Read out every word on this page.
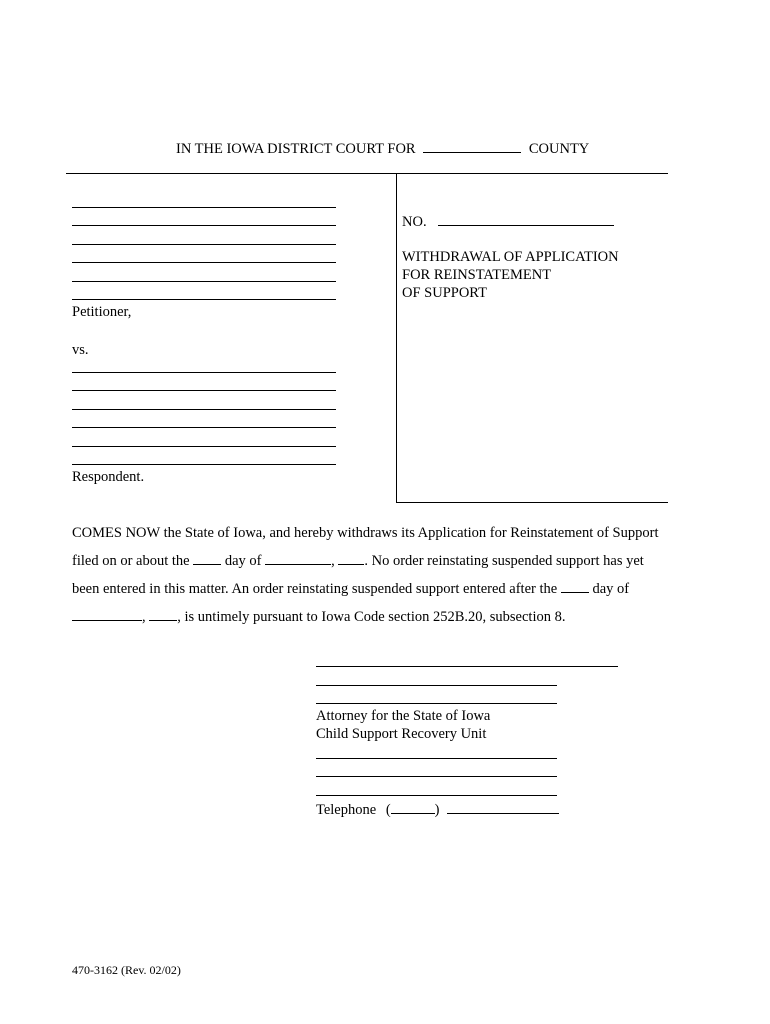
IN THE IOWA DISTRICT COURT FOR	COUNTY
Petitioner,
vs.
Respondent.
NO.
WITHDRAWAL OF APPLICATION
FOR REINSTATEMENT
OF SUPPORT
COMES NOW the State of Iowa, and hereby withdraws its Application for Reinstatement of Support
filed on or about the day of	, . No order reinstating suspended support has yet
been entered in this matter. An order reinstating suspended support entered after the day of
, , is untimely pursuant to Iowa Code section 252B.20, subsection 8.
Attorney for the State of Iowa
Child Support Recovery Unit
Telephone (	)
470-3162 (Rev. 02/02)
